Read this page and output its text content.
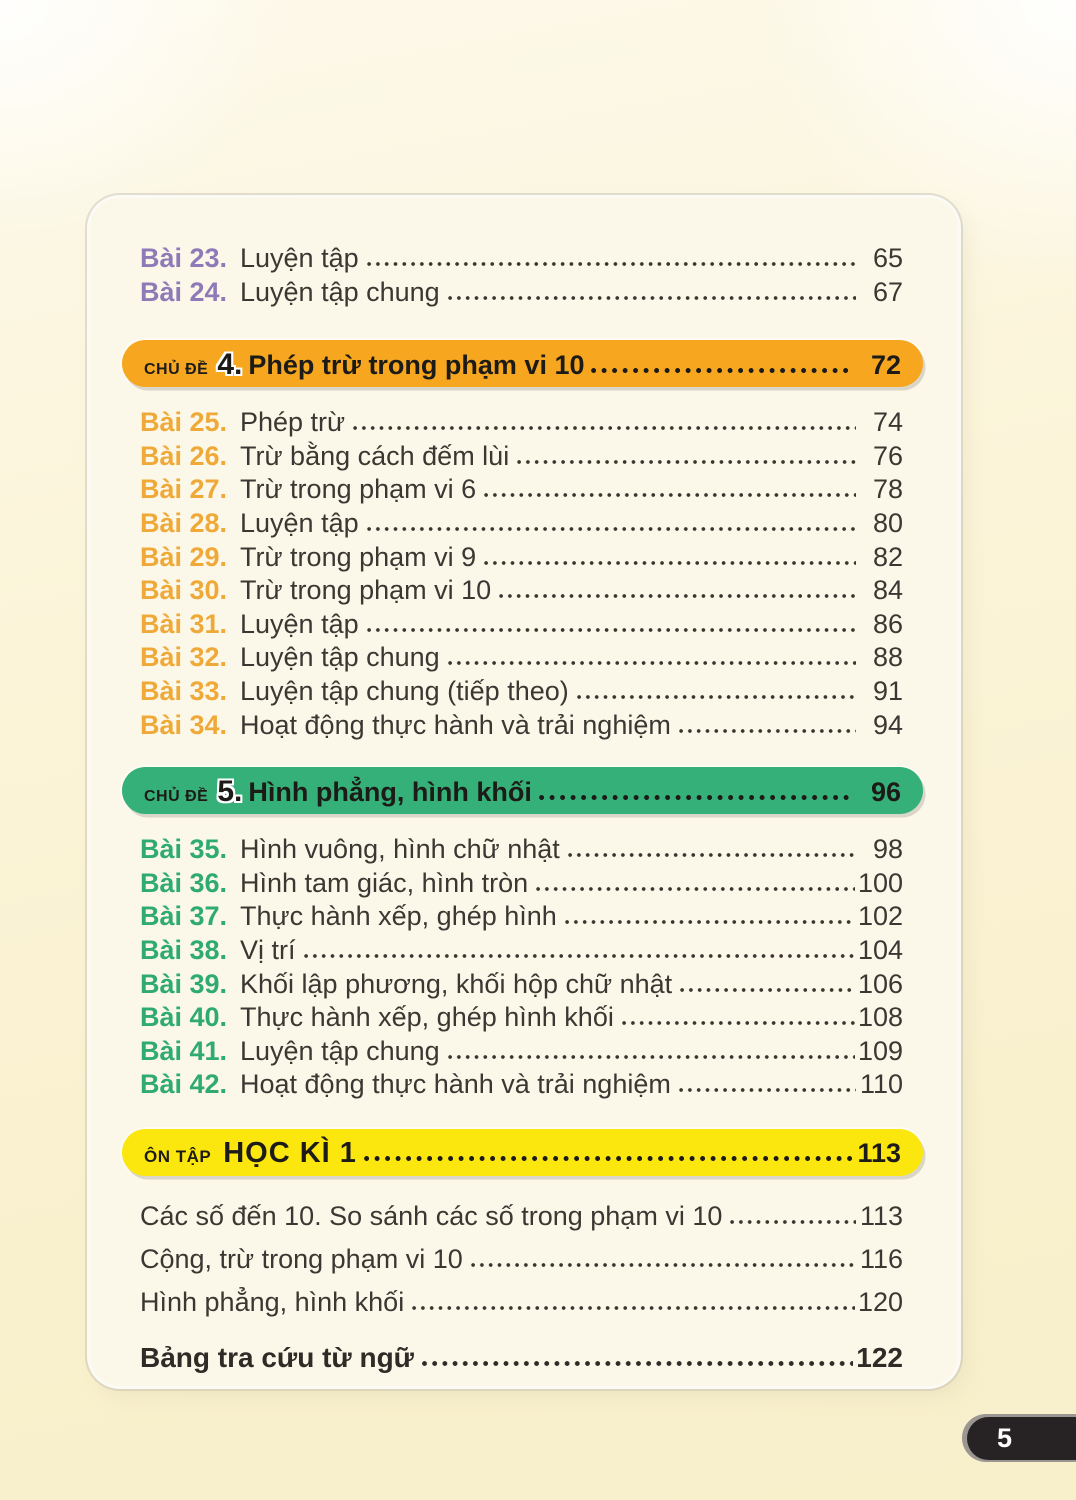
Bài 23. Luyện tập	65
Bài 24. Luyện tập chung	67
CHỦ ĐỀ 4. Phép trừ trong phạm vi 10	72
Bài 25. Phép trừ	74
Bài 26. Trừ bằng cách đếm lùi	76
Bài 27. Trừ trong phạm vi 6	78
Bài 28. Luyện tập	80
Bài 29. Trừ trong phạm vi 9	82
Bài 30. Trừ trong phạm vi 10	84
Bài 31. Luyện tập	86
Bài 32. Luyện tập chung	88
Bài 33. Luyện tập chung (tiếp theo)	91
Bài 34. Hoạt động thực hành và trải nghiệm	94
CHỦ ĐỀ 5. Hình phẳng, hình khối	96
Bài 35. Hình vuông, hình chữ nhật	98
Bài 36. Hình tam giác, hình tròn	100
Bài 37. Thực hành xếp, ghép hình	102
Bài 38. Vị trí	104
Bài 39. Khối lập phương, khối hộp chữ nhật	106
Bài 40. Thực hành xếp, ghép hình khối	108
Bài 41. Luyện tập chung	109
Bài 42. Hoạt động thực hành và trải nghiệm	110
ÔN TẬP HỌC KÌ 1	113
Các số đến 10. So sánh các số trong phạm vi 10	113
Cộng, trừ trong phạm vi 10	116
Hình phẳng, hình khối	120
Bảng tra cứu từ ngữ	122
5
